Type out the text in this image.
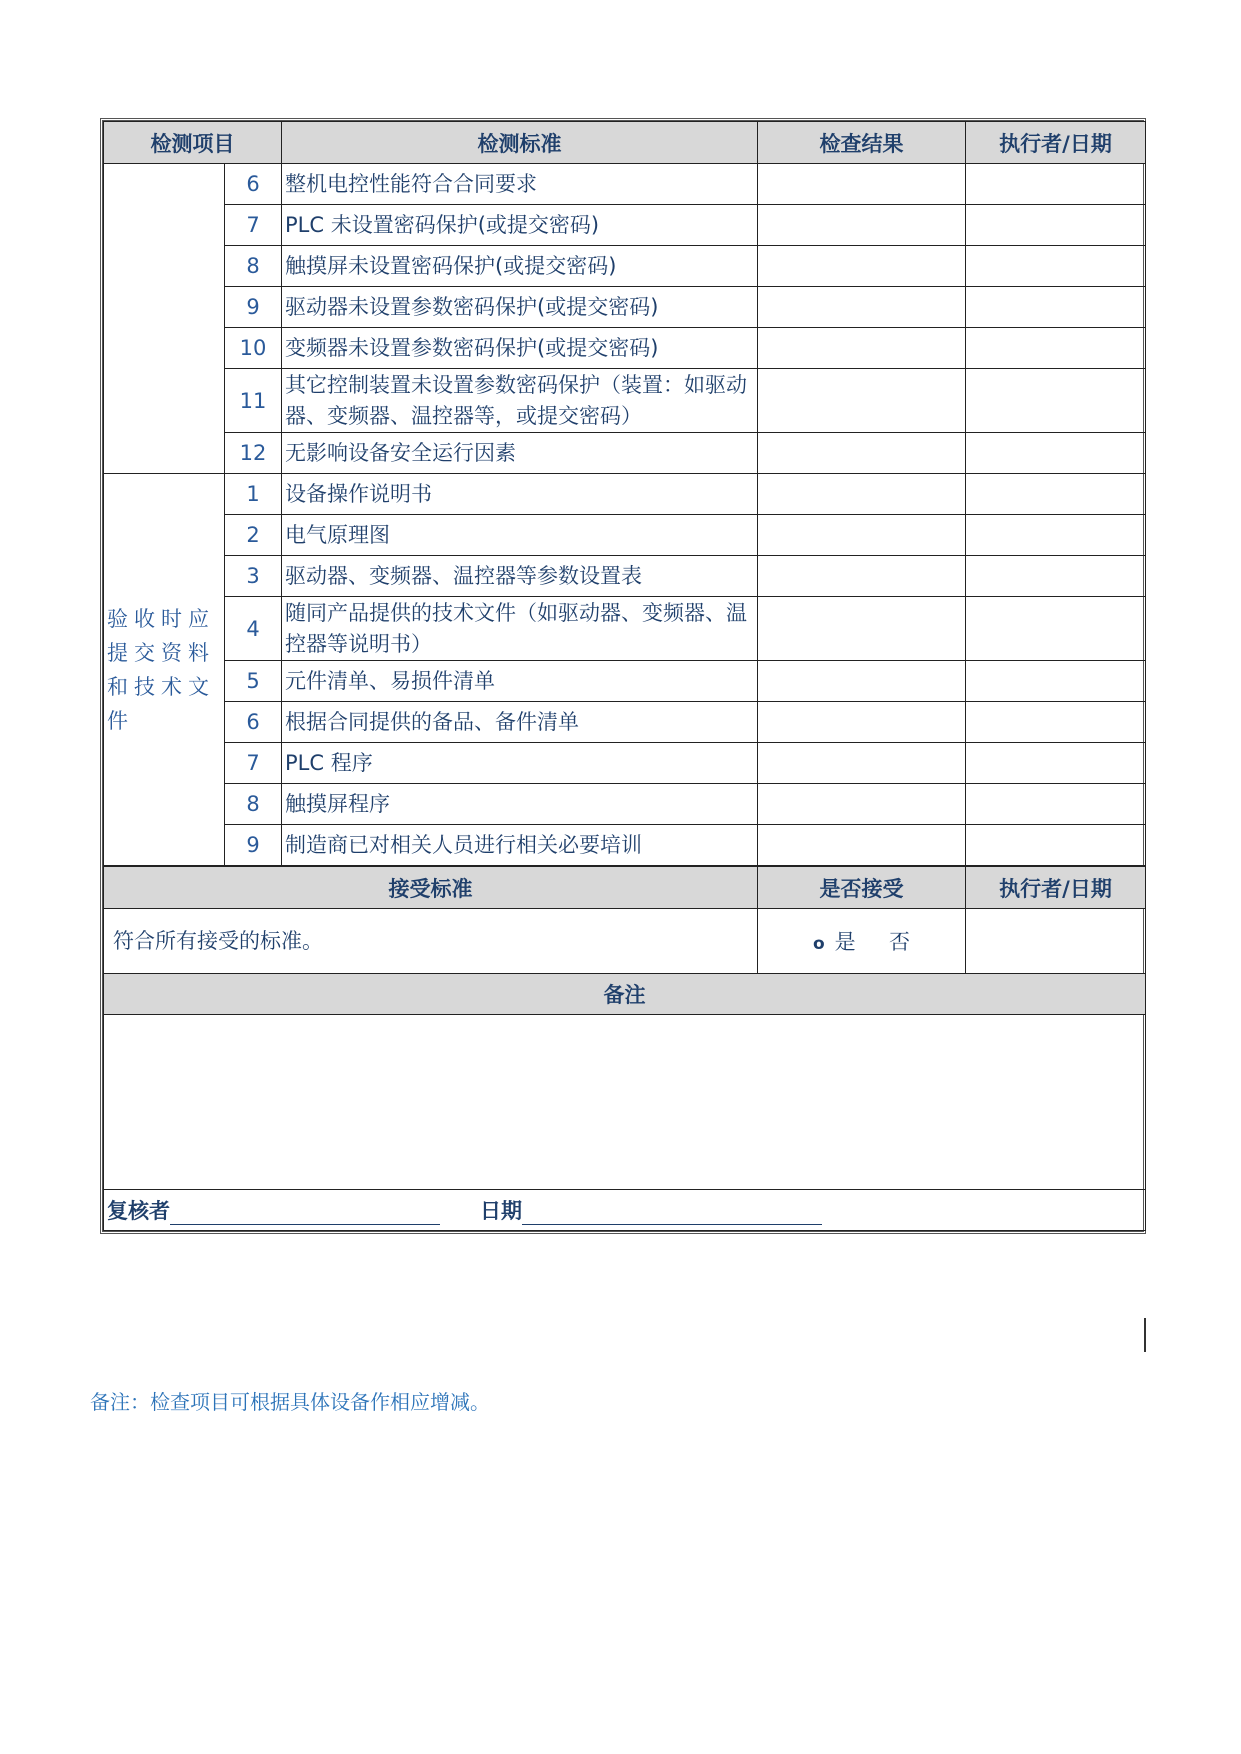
检测项目		检测标准	检查结果	执行者/日期
	6	整机电控性能符合合同要求		
	7	PLC 未设置密码保护(或提交密码)		
	8	触摸屏未设置密码保护(或提交密码)		
	9	驱动器未设置参数密码保护(或提交密码)		
	10	变频器未设置参数密码保护(或提交密码)		
	11	其它控制装置未设置参数密码保护（装置：如驱动器、变频器、温控器等，或提交密码）		
	12	无影响设备安全运行因素		
验收时应提交资料和技术文件	1	设备操作说明书		
	2	电气原理图		
	3	驱动器、变频器、温控器等参数设置表		
	4	随同产品提供的技术文件（如驱动器、变频器、温控器等说明书）		
	5	元件清单、易损件清单		
	6	根据合同提供的备品、备件清单		
	7	PLC 程序		
	8	触摸屏程序		
	9	制造商已对相关人员进行相关必要培训		
接受标准	是否接受	执行者/日期
符合所有接受的标准。	o 是 否	
备注		

复核者 日期		
备注：检查项目可根据具体设备作相应增减。
